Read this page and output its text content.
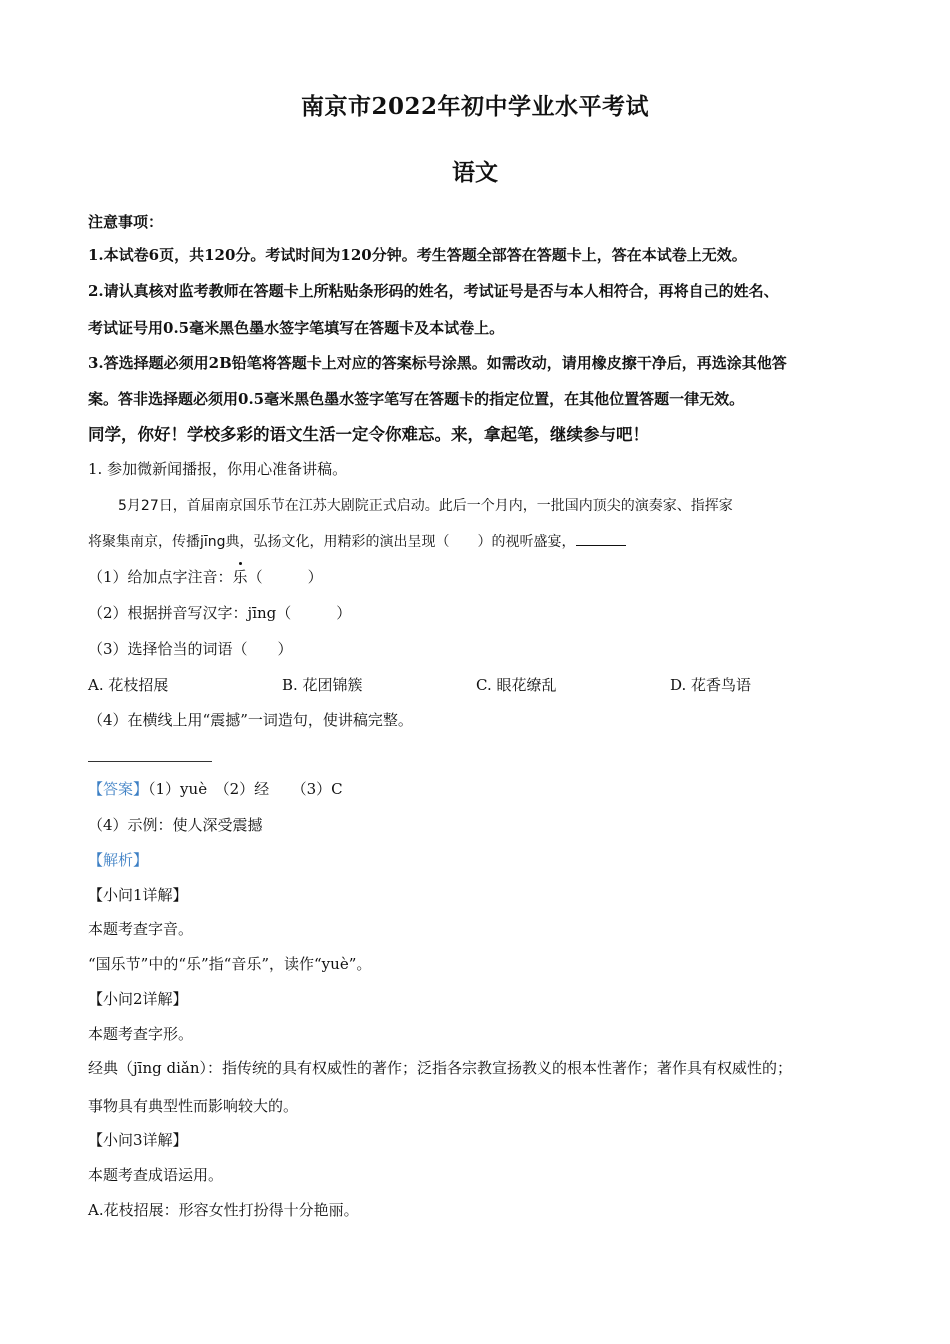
南京市2022年初中学业水平考试
语文
注意事项：
1.本试卷6页，共120分。考试时间为120分钟。考生答题全部答在答题卡上，答在本试卷上无效。
2.请认真核对监考教师在答题卡上所粘贴条形码的姓名，考试证号是否与本人相符合，再将自己的姓名、
考试证号用0.5毫米黑色墨水签字笔填写在答题卡及本试卷上。
3.答选择题必须用2B铅笔将答题卡上对应的答案标号涂黑。如需改动，请用橡皮擦干净后，再选涂其他答
案。答非选择题必须用0.5毫米黑色墨水签字笔写在答题卡的指定位置，在其他位置答题一律无效。
同学，你好！学校多彩的语文生活一定令你难忘。来，拿起笔，继续参与吧！
1. 参加微新闻播报，你用心准备讲稿。
5月27日，首届南京国乐节在江苏大剧院正式启动。此后一个月内，一批国内顶尖的演奏家、指挥家
将聚集南京，传播jīng典，弘扬文化，用精彩的演出呈现（　　）的视听盛宴，
（1）给加点字注音：乐（　　　）
（2）根据拼音写汉字：jīng（　　　）
（3）选择恰当的词语（　　）
A. 花枝招展	B. 花团锦簇	C. 眼花缭乱	D. 花香鸟语
（4）在横线上用“震撼”一词造句，使讲稿完整。
【答案】（1）yuè　（2）经　　（3）C
（4）示例：使人深受震撼
【解析】
【小问1详解】
本题考查字音。
“国乐节”中的“乐”指“音乐”，读作“yuè”。
【小问2详解】
本题考查字形。
经典（jīng diǎn）：指传统的具有权威性的著作；泛指各宗教宣扬教义的根本性著作；著作具有权威性的；
事物具有典型性而影响较大的。
【小问3详解】
本题考查成语运用。
A.花枝招展：形容女性打扮得十分艳丽。
